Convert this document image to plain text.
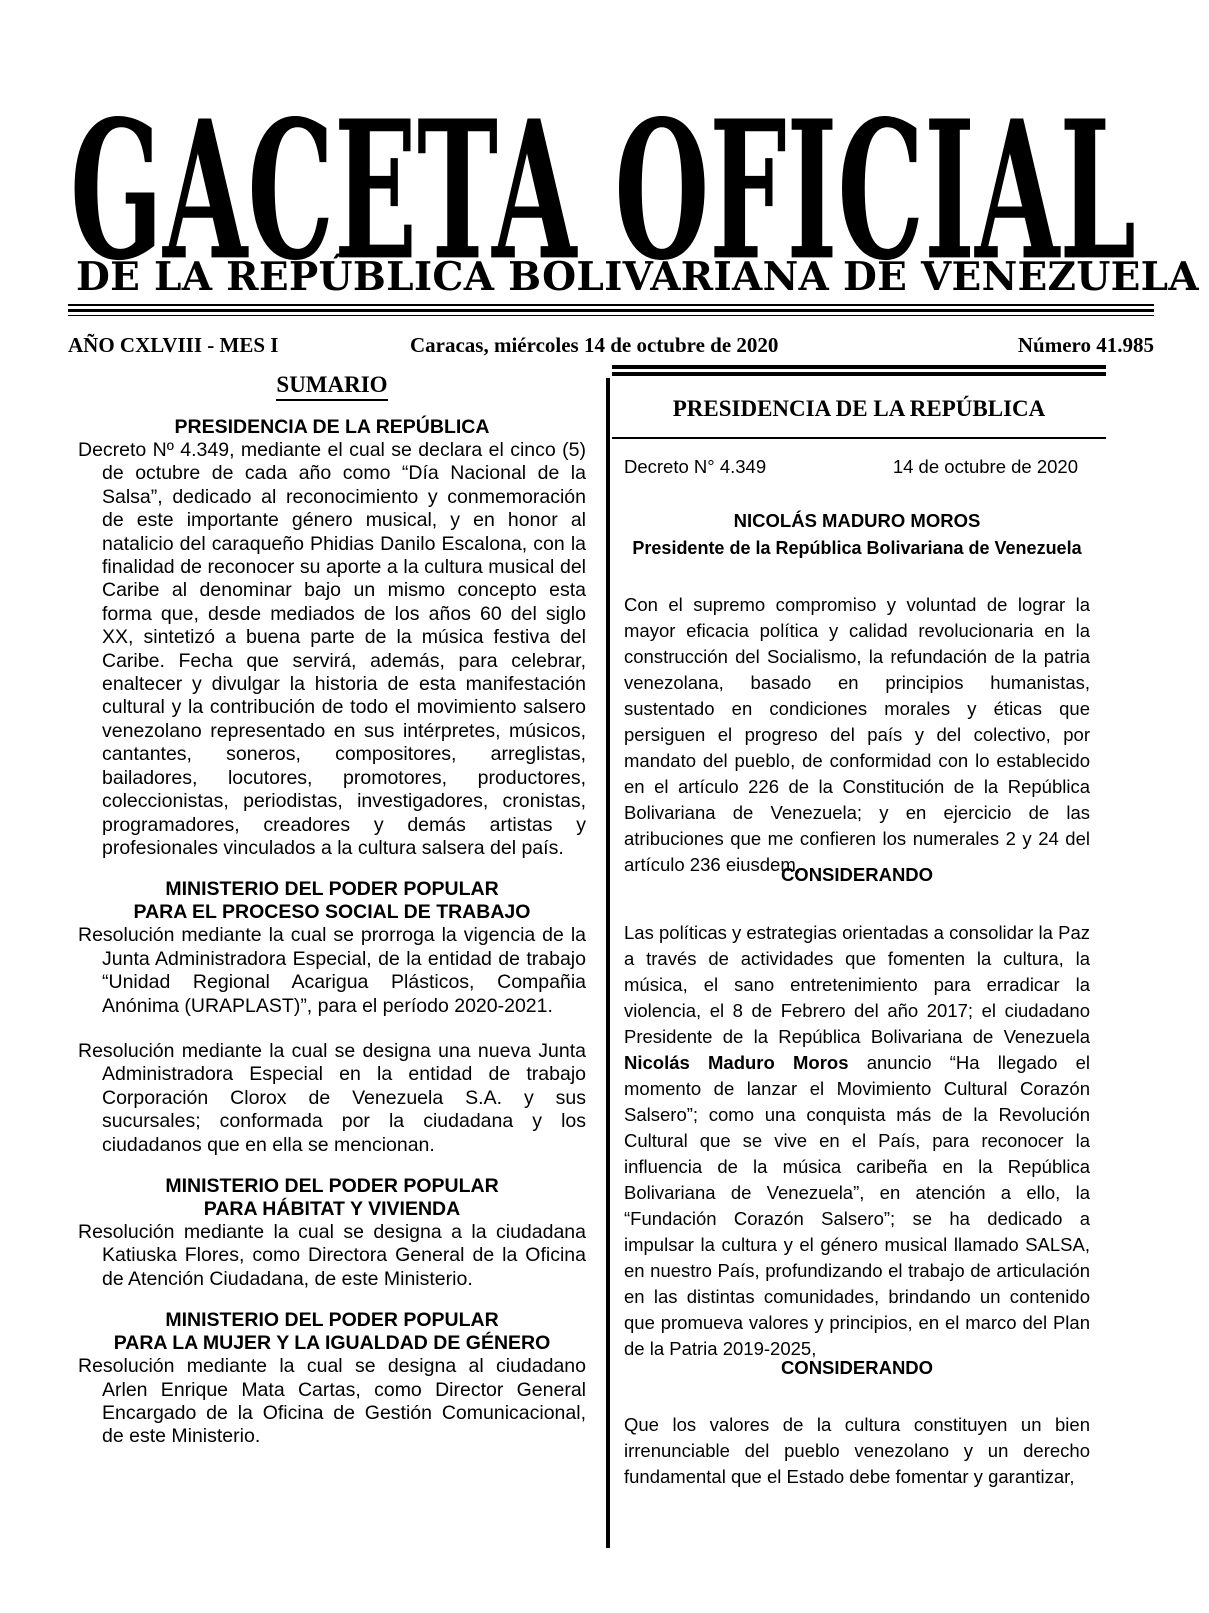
GACETA OFICIAL
DE LA REPÚBLICA BOLIVARIANA DE VENEZUELA
AÑO CXLVIII - MES I	Caracas, miércoles 14 de octubre de 2020	Número 41.985
SUMARIO
PRESIDENCIA DE LA REPÚBLICA

Decreto Nº 4.349, mediante el cual se declara el cinco (5) de octubre de cada año como “Día Nacional de la Salsa”, dedicado al reconocimiento y conmemoración de este importante género musical, y en honor al natalicio del caraqueño Phidias Danilo Escalona, con la finalidad de reconocer su aporte a la cultura musical del Caribe al denominar bajo un mismo concepto esta forma que, desde mediados de los años 60 del siglo XX, sintetizó a buena parte de la música festiva del Caribe. Fecha que servirá, además, para celebrar, enaltecer y divulgar la historia de esta manifestación cultural y la contribución de todo el movimiento salsero venezolano representado en sus intérpretes, músicos, cantantes, soneros, compositores, arreglistas, bailadores, locutores, promotores, productores, coleccionistas, periodistas, investigadores, cronistas, programadores, creadores y demás artistas y profesionales vinculados a la cultura salsera del país.

MINISTERIO DEL PODER POPULAR
PARA EL PROCESO SOCIAL DE TRABAJO

Resolución mediante la cual se prorroga la vigencia de la Junta Administradora Especial, de la entidad de trabajo “Unidad Regional Acarigua Plásticos, Compañia Anónima (URAPLAST)”, para el período 2020-2021.

Resolución mediante la cual se designa una nueva Junta Administradora Especial en la entidad de trabajo Corporación Clorox de Venezuela S.A. y sus sucursales; conformada por la ciudadana y los ciudadanos que en ella se mencionan.

MINISTERIO DEL PODER POPULAR
PARA HÁBITAT Y VIVIENDA

Resolución mediante la cual se designa a la ciudadana Katiuska Flores, como Directora General de la Oficina de Atención Ciudadana, de este Ministerio.

MINISTERIO DEL PODER POPULAR
PARA LA MUJER Y LA IGUALDAD DE GÉNERO

Resolución mediante la cual se designa al ciudadano Arlen Enrique Mata Cartas, como Director General Encargado de la Oficina de Gestión Comunicacional, de este Ministerio.

PRESIDENCIA DE LA REPÚBLICA
Decreto N° 4.349	14 de octubre de 2020
NICOLÁS MADURO MOROS
Presidente de la República Bolivariana de Venezuela
Con el supremo compromiso y voluntad de lograr la mayor eficacia política y calidad revolucionaria en la construcción del Socialismo, la refundación de la patria venezolana, basado en principios humanistas, sustentado en condiciones morales y éticas que persiguen el progreso del país y del colectivo, por mandato del pueblo, de conformidad con lo establecido en el artículo 226 de la Constitución de la República Bolivariana de Venezuela; y en ejercicio de las atribuciones que me confieren los numerales 2 y 24 del artículo 236 eiusdem,
CONSIDERANDO
Las políticas y estrategias orientadas a consolidar la Paz a través de actividades que fomenten la cultura, la música, el sano entretenimiento para erradicar la violencia, el 8 de Febrero del año 2017; el ciudadano Presidente de la República Bolivariana de Venezuela Nicolás Maduro Moros anuncio “Ha llegado el momento de lanzar el Movimiento Cultural Corazón Salsero”; como una conquista más de la Revolución Cultural que se vive en el País, para reconocer la influencia de la música caribeña en la República Bolivariana de Venezuela”, en atención a ello, la “Fundación Corazón Salsero”; se ha dedicado a impulsar la cultura y el género musical llamado SALSA, en nuestro País, profundizando el trabajo de articulación en las distintas comunidades, brindando un contenido que promueva valores y principios, en el marco del Plan de la Patria 2019-2025,
CONSIDERANDO
Que los valores de la cultura constituyen un bien irrenunciable del pueblo venezolano y un derecho fundamental que el Estado debe fomentar y garantizar,
